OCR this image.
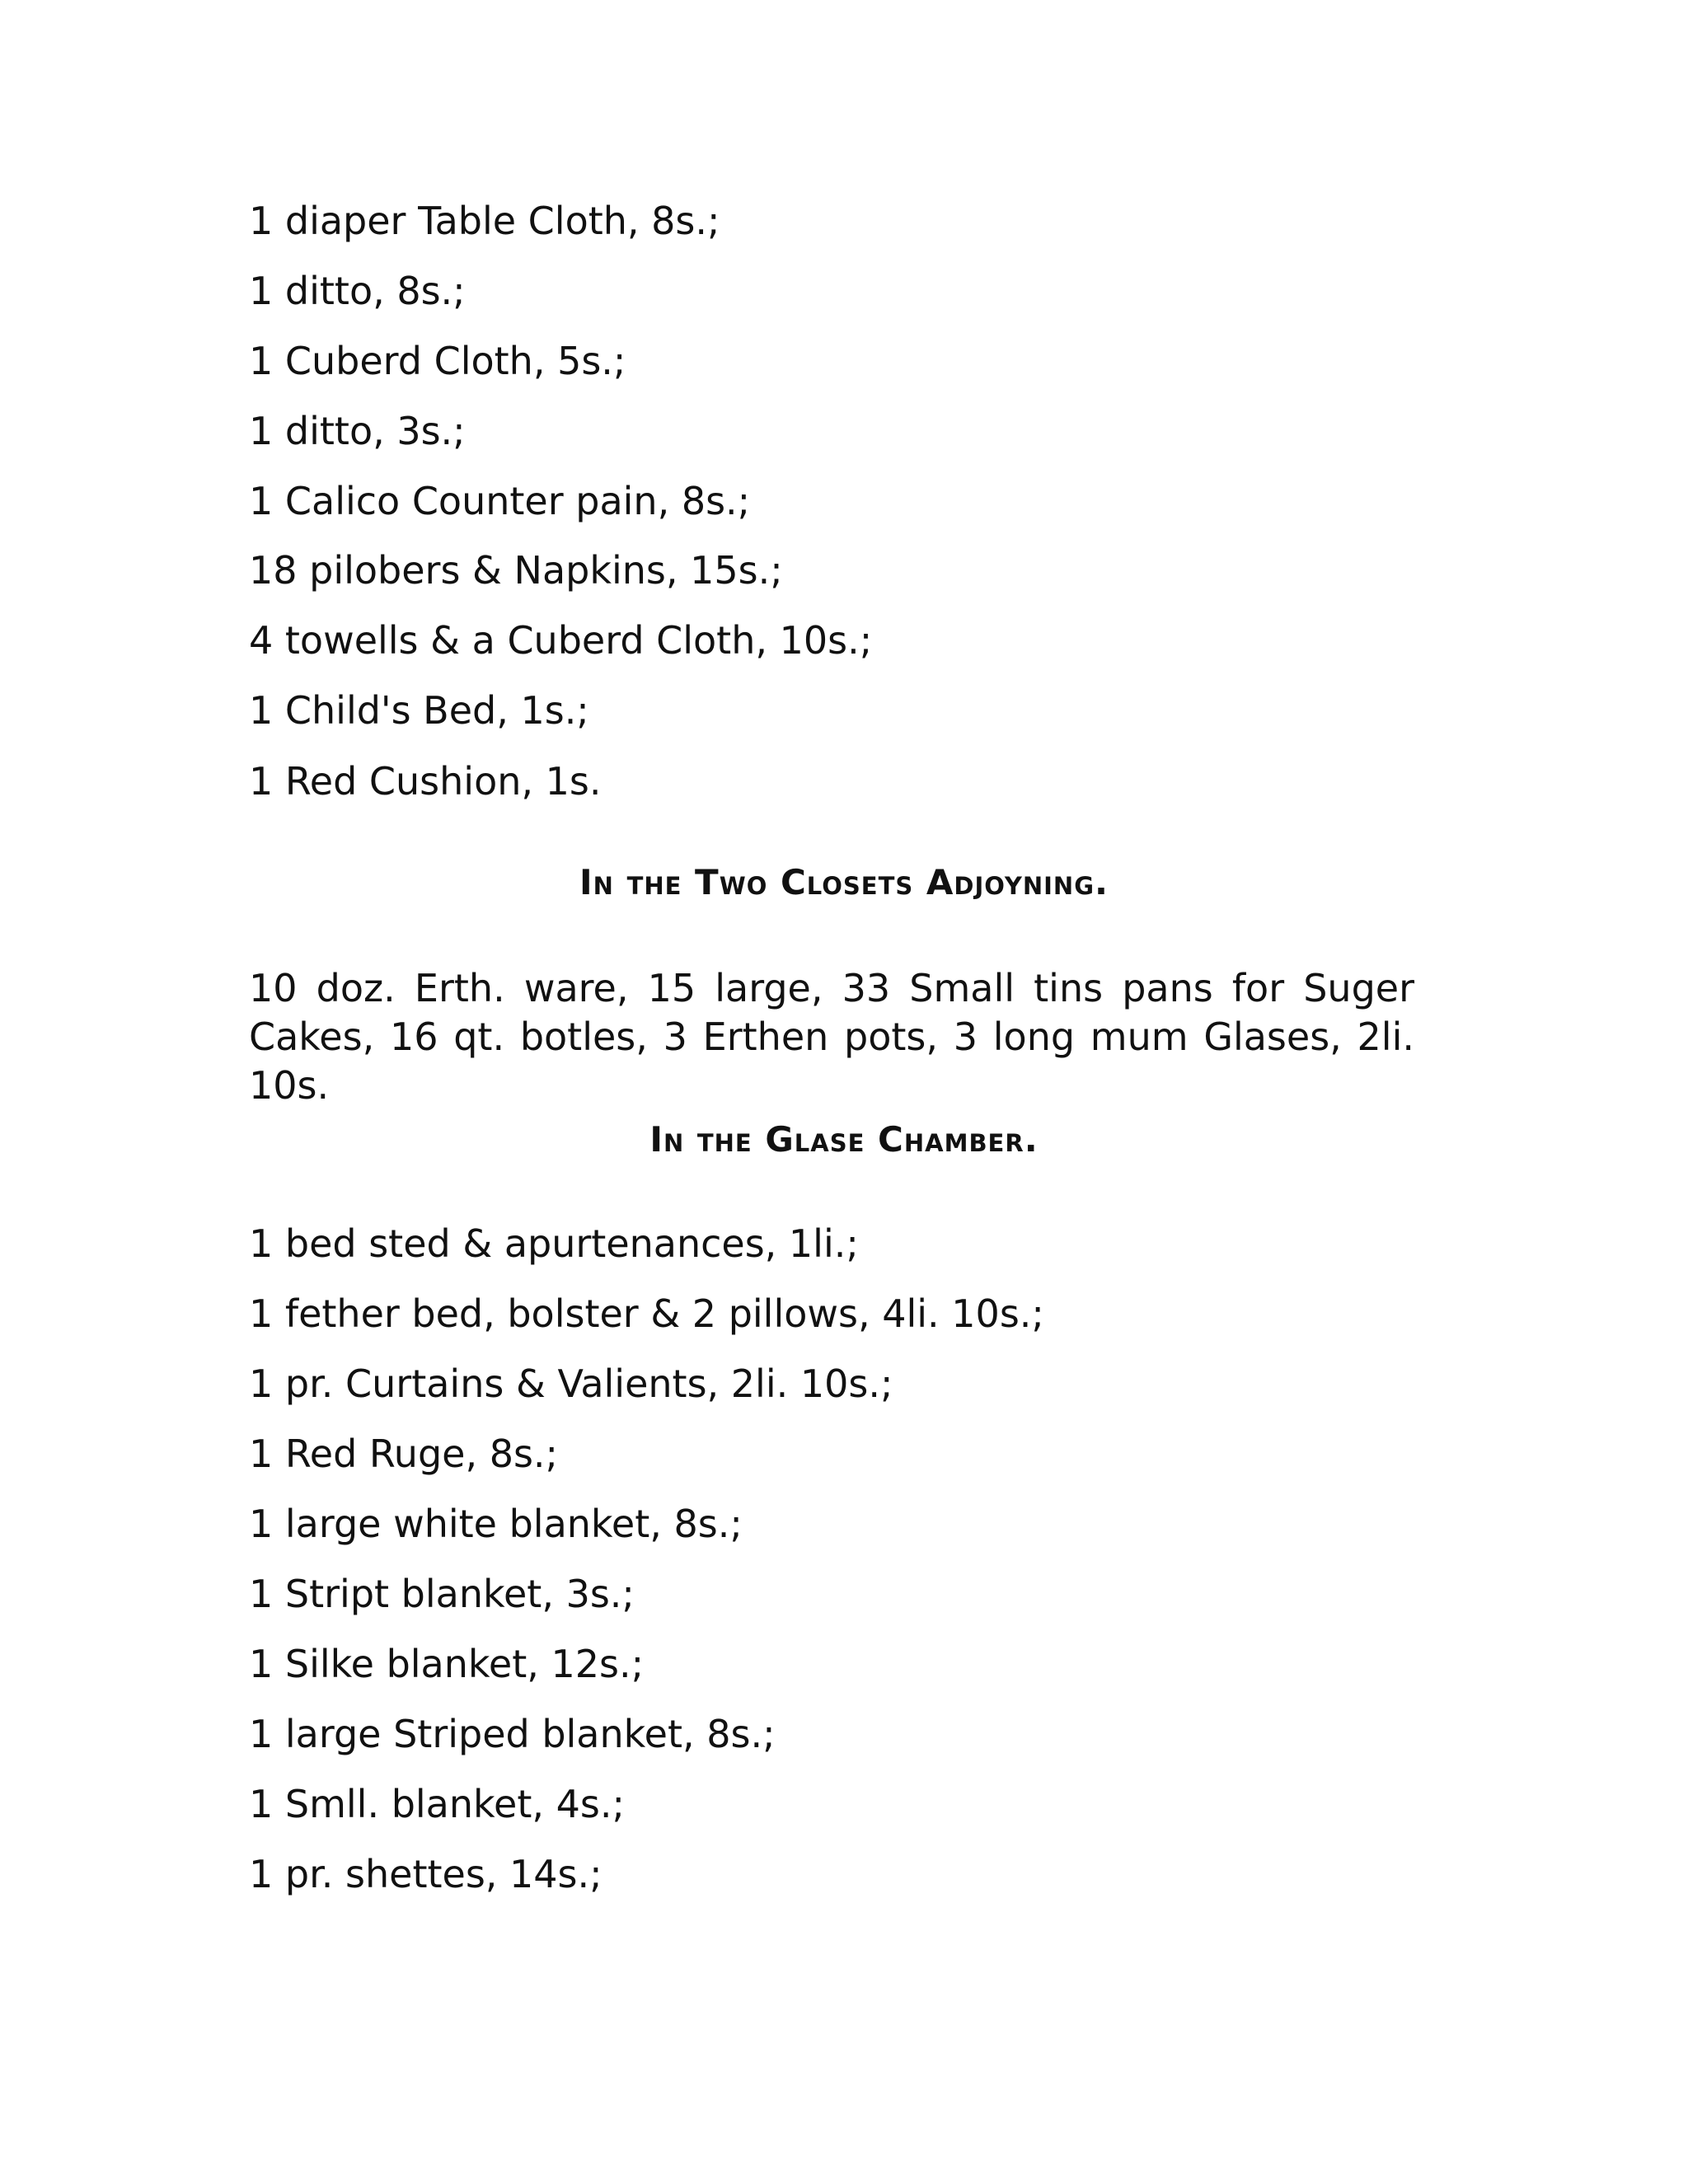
1 diaper Table Cloth, 8s.;

1 ditto, 8s.;

1 Cuberd Cloth, 5s.;

1 ditto, 3s.;

1 Calico Counter pain, 8s.;

18 pilobers & Napkins, 15s.;

4 towells & a Cuberd Cloth, 10s.;

1 Child's Bed, 1s.;

1 Red Cushion, 1s.

In the Two Closets Adjoyning.

10 doz. Erth. ware, 15 large, 33 Small tins pans for Suger Cakes, 16 qt. botles, 3 Erthen pots, 3 long mum Glases, 2li. 10s.

In the Glase Chamber.

1 bed sted & apurtenances, 1li.;

1 fether bed, bolster & 2 pillows, 4li. 10s.;

1 pr. Curtains & Valients, 2li. 10s.;

1 Red Ruge, 8s.;

1 large white blanket, 8s.;

1 Stript blanket, 3s.;

1 Silke blanket, 12s.;

1 large Striped blanket, 8s.;

1 Smll. blanket, 4s.;

1 pr. shettes, 14s.;
